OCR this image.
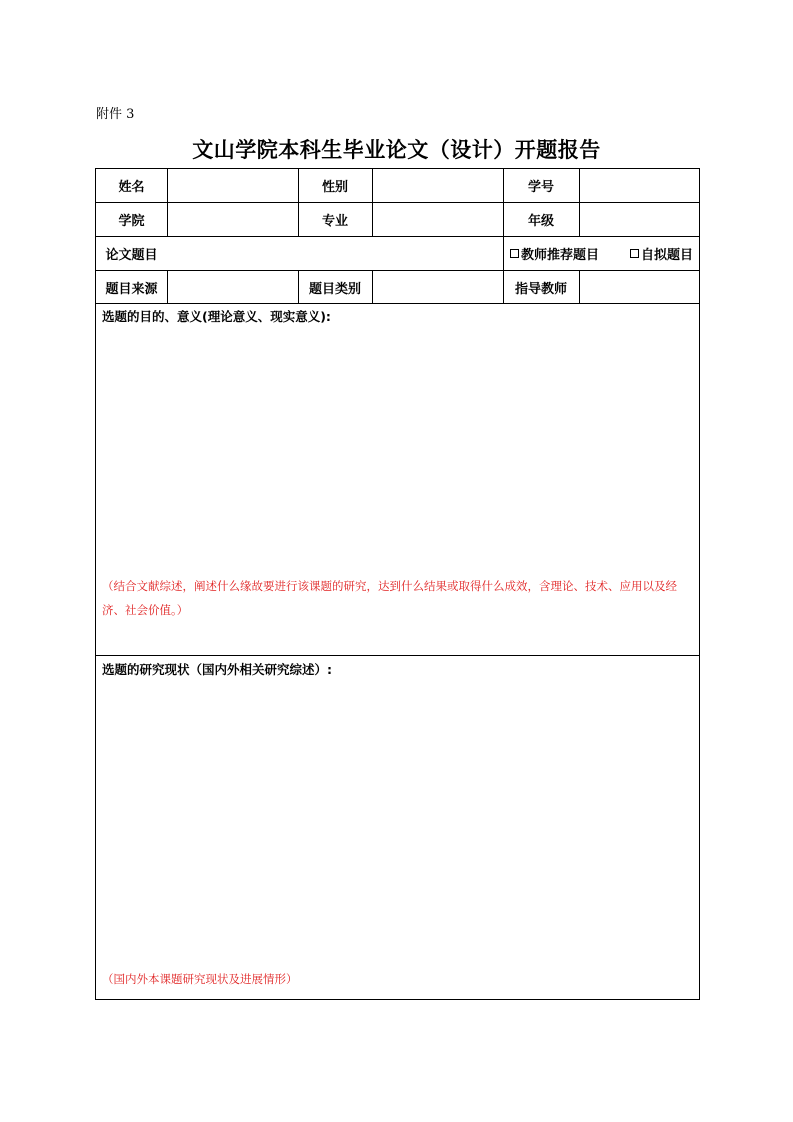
附件 3
文山学院本科生毕业论文（设计）开题报告
姓名	性别	学号
学院	专业	年级
论文题目	教师推荐题目	自拟题目
题目来源	题目类别	指导教师
选题的目的、意义(理论意义、现实意义):
（结合文献综述，阐述什么缘故要进行该课题的研究，达到什么结果或取得什么成效，含理论、技术、应用以及经济、社会价值。）
选题的研究现状（国内外相关研究综述）:
（国内外本课题研究现状及进展情形）
